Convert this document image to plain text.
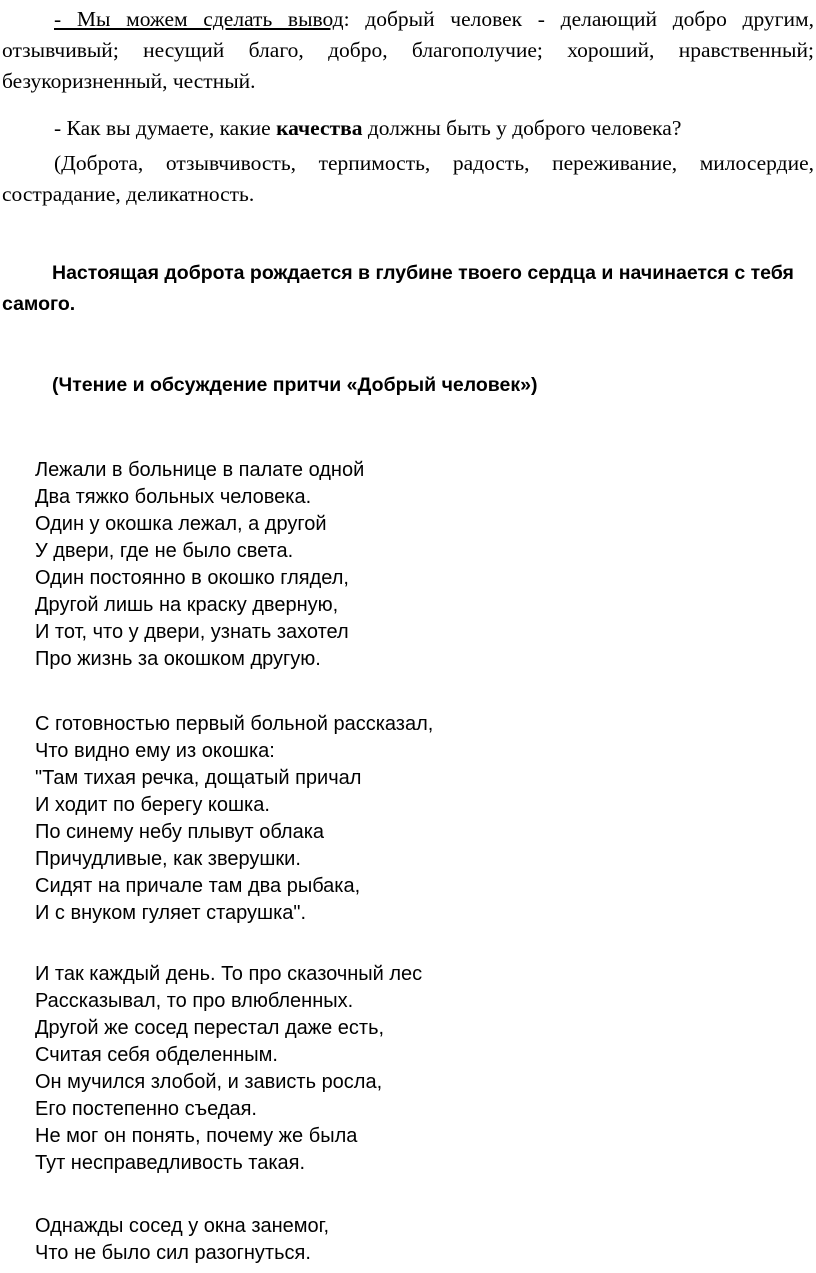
- Мы можем сделать вывод: добрый человек - делающий добро другим, отзывчивый; несущий благо, добро, благополучие; хороший, нравственный; безукоризненный, честный.

- Как вы думаете, какие качества должны быть у доброго человека?

(Доброта, отзывчивость, терпимость, радость, переживание, милосердие, сострадание, деликатность.

Настоящая доброта рождается в глубине твоего сердца и начинается с тебя самого.

(Чтение и обсуждение притчи «Добрый человек»)

Лежали в больнице в палате одной
Два тяжко больных человека.
Один у окошка лежал, а другой
У двери, где не было света.
Один постоянно в окошко глядел,
Другой лишь на краску дверную,
И тот, что у двери, узнать захотел
Про жизнь за окошком другую.
С готовностью первый больной рассказал,
Что видно ему из окошка:
"Там тихая речка, дощатый причал
И ходит по берегу кошка.
По синему небу плывут облака
Причудливые, как зверушки.
Сидят на причале там два рыбака,
И с внуком гуляет старушка".
И так каждый день. То про сказочный лес
Рассказывал, то про влюбленных.
Другой же сосед перестал даже есть,
Считая себя обделенным.
Он мучился злобой, и зависть росла,
Его постепенно съедая.
Не мог он понять, почему же была
Тут несправедливость такая.
Однажды сосед у окна занемог,
Что не было сил разогнуться.
